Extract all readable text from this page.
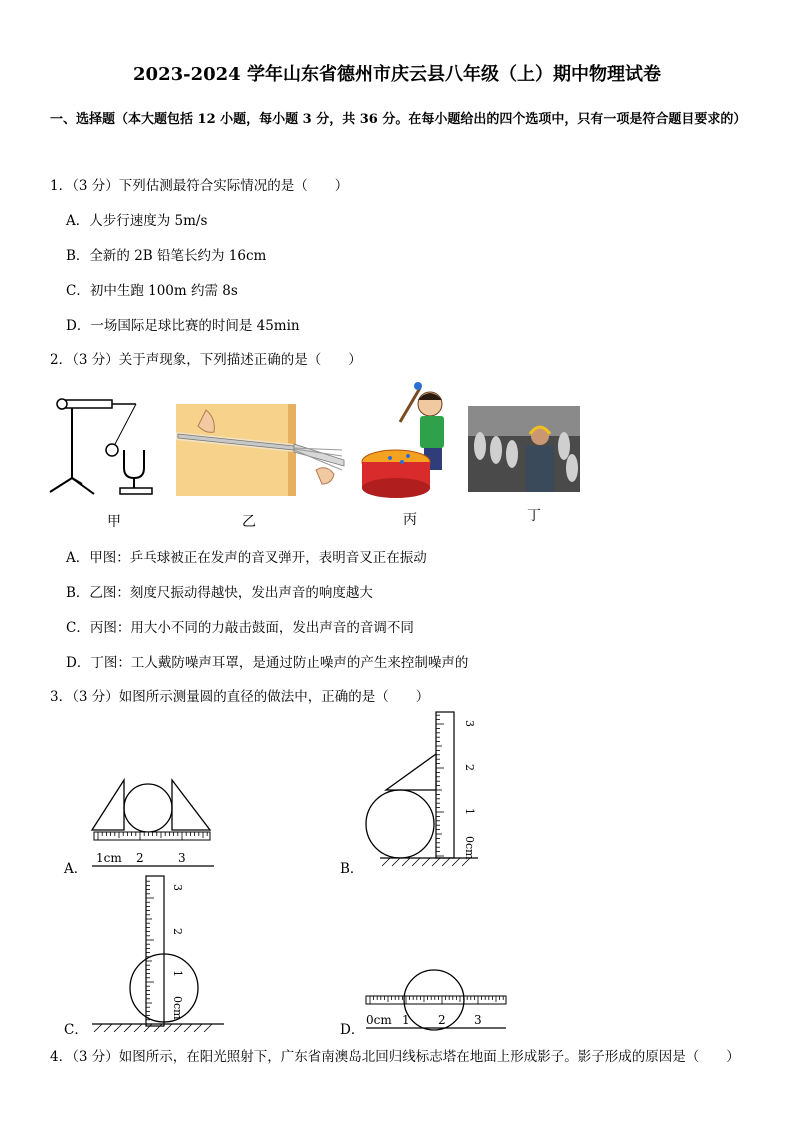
2023-2024 学年山东省德州市庆云县八年级（上）期中物理试卷
一、选择题（本大题包括 12 小题，每小题 3 分，共 36 分。在每小题给出的四个选项中，只有一项是符合题目要求的）
1．（3 分）下列估测最符合实际情况的是（　　）
A．人步行速度为 5m/s
B．全新的 2B 铅笔长约为 16cm
C．初中生跑 100m 约需 8s
D．一场国际足球比赛的时间是 45min
2．（3 分）关于声现象，下列描述正确的是（　　）
甲	乙	丙	丁
A．甲图：乒乓球被正在发声的音叉弹开，表明音叉正在振动
B．乙图：刻度尺振动得越快，发出声音的响度越大
C．丙图：用大小不同的力敲击鼓面，发出声音的音调不同
D．丁图：工人戴防噪声耳罩，是通过防止噪声的产生来控制噪声的
3．（3 分）如图所示测量圆的直径的做法中，正确的是（　　）
A．
1cm 2	3
B．
3
2
1
0cm
C．
3
2
1
0cm
D．
0cm 1 2 3
4．（3 分）如图所示，在阳光照射下，广东省南澳岛北回归线标志塔在地面上形成影子。影子形成的原因是（　　）
